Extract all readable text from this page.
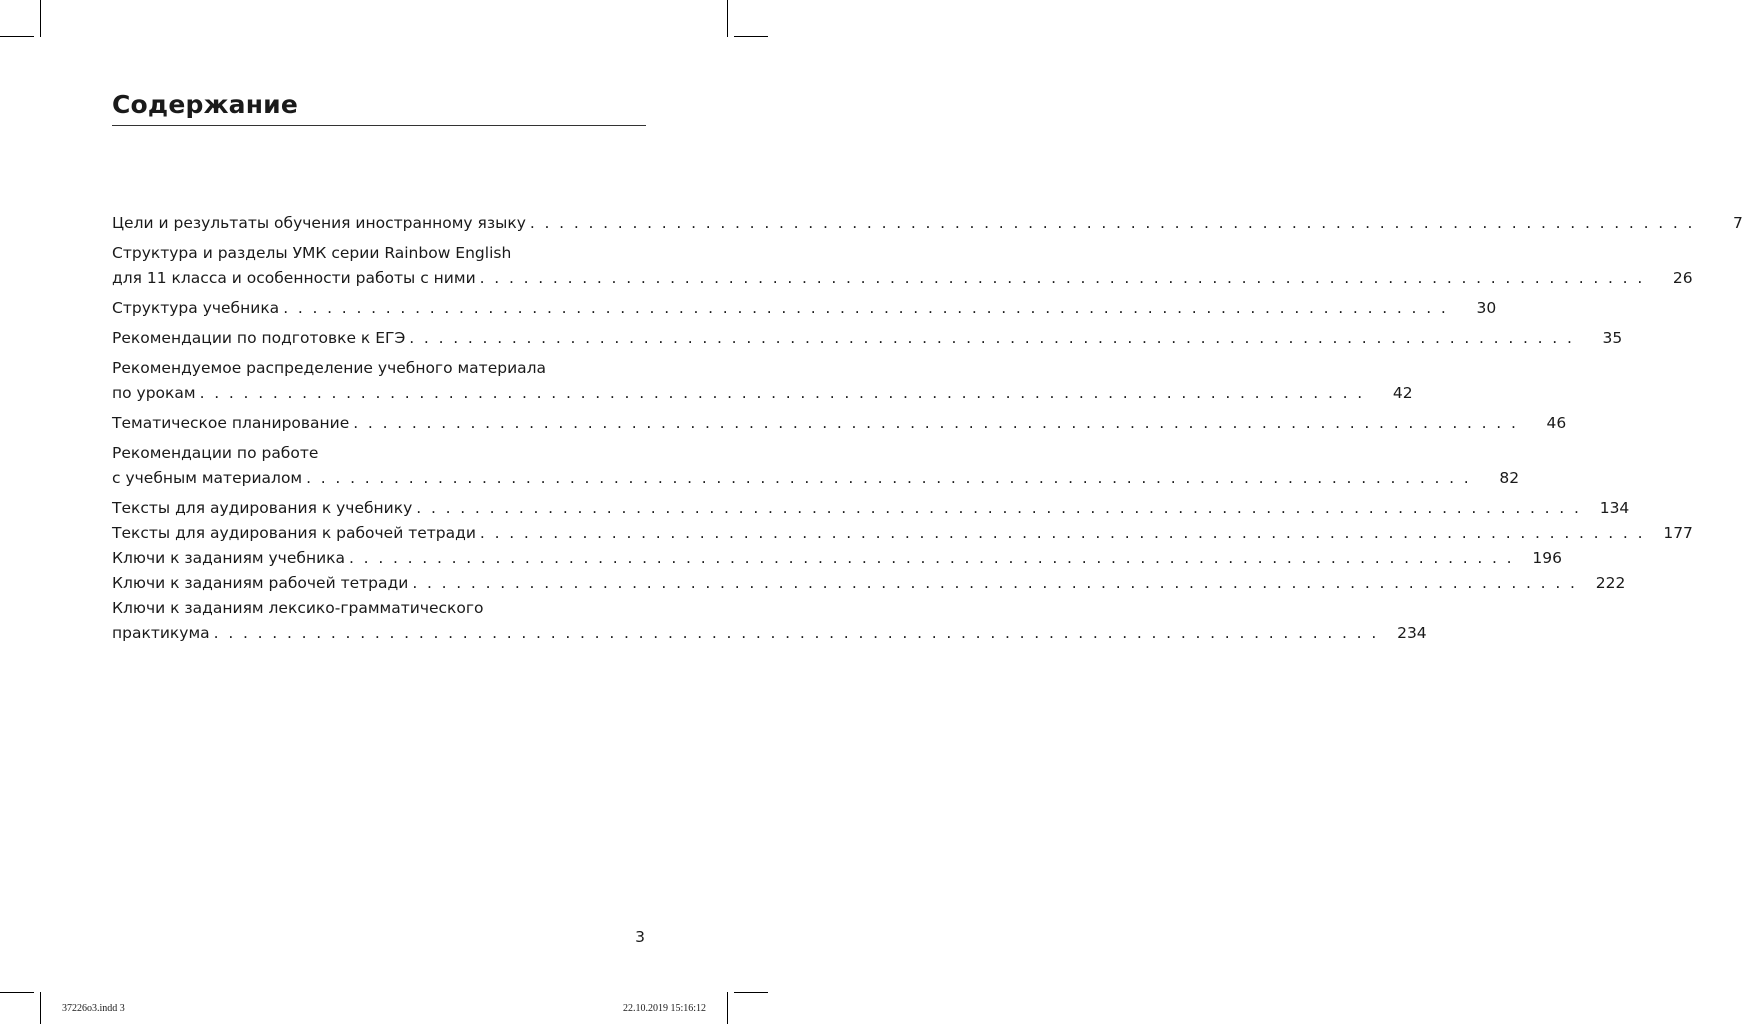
Содержание
Цели и результаты обучения иностранному языку . . . . . . . . . . . . . . . . . . . . . . . . . . . . . . . . . . . . . . . . . . . . . . . . . . . . . . . . . . . . . . . . . . . . . . . . . . . . . . . .	7
Структура и разделы УМК серии Rainbow English
для 11 класса и особенности работы с ними . . . . . . . . . . . . . . . . . . . . . . . . . . . . . . . . . . . . . . . . . . . . . . . . . . . . . . . . . . . . . . . . . . . . . . . . . . . . . . . .	26
Структура учебника . . . . . . . . . . . . . . . . . . . . . . . . . . . . . . . . . . . . . . . . . . . . . . . . . . . . . . . . . . . . . . . . . . . . . . . . . . . . . . . .	30
Рекомендации по подготовке к ЕГЭ . . . . . . . . . . . . . . . . . . . . . . . . . . . . . . . . . . . . . . . . . . . . . . . . . . . . . . . . . . . . . . . . . . . . . . . . . . . . . . . .	35
Рекомендуемое распределение учебного материала
по урокам . . . . . . . . . . . . . . . . . . . . . . . . . . . . . . . . . . . . . . . . . . . . . . . . . . . . . . . . . . . . . . . . . . . . . . . . . . . . . . . .	42
Тематическое планирование . . . . . . . . . . . . . . . . . . . . . . . . . . . . . . . . . . . . . . . . . . . . . . . . . . . . . . . . . . . . . . . . . . . . . . . . . . . . . . . .	46
Рекомендации по работе
с учебным материалом . . . . . . . . . . . . . . . . . . . . . . . . . . . . . . . . . . . . . . . . . . . . . . . . . . . . . . . . . . . . . . . . . . . . . . . . . . . . . . . .	82
Тексты для аудирования к учебнику . . . . . . . . . . . . . . . . . . . . . . . . . . . . . . . . . . . . . . . . . . . . . . . . . . . . . . . . . . . . . . . . . . . . . . . . . . . . . . . . 134
Тексты для аудирования к рабочей тетради . . . . . . . . . . . . . . . . . . . . . . . . . . . . . . . . . . . . . . . . . . . . . . . . . . . . . . . . . . . . . . . . . . . . . . . . . . . . . . . . 177
Ключи к заданиям учебника . . . . . . . . . . . . . . . . . . . . . . . . . . . . . . . . . . . . . . . . . . . . . . . . . . . . . . . . . . . . . . . . . . . . . . . . . . . . . . . . 196
Ключи к заданиям рабочей тетради . . . . . . . . . . . . . . . . . . . . . . . . . . . . . . . . . . . . . . . . . . . . . . . . . . . . . . . . . . . . . . . . . . . . . . . . . . . . . . . . 222
Ключи к заданиям лексико-грамматического
практикума . . . . . . . . . . . . . . . . . . . . . . . . . . . . . . . . . . . . . . . . . . . . . . . . . . . . . . . . . . . . . . . . . . . . . . . . . . . . . . . . 234
3
37226o3.indd 3	22.10.2019 15:16:12
